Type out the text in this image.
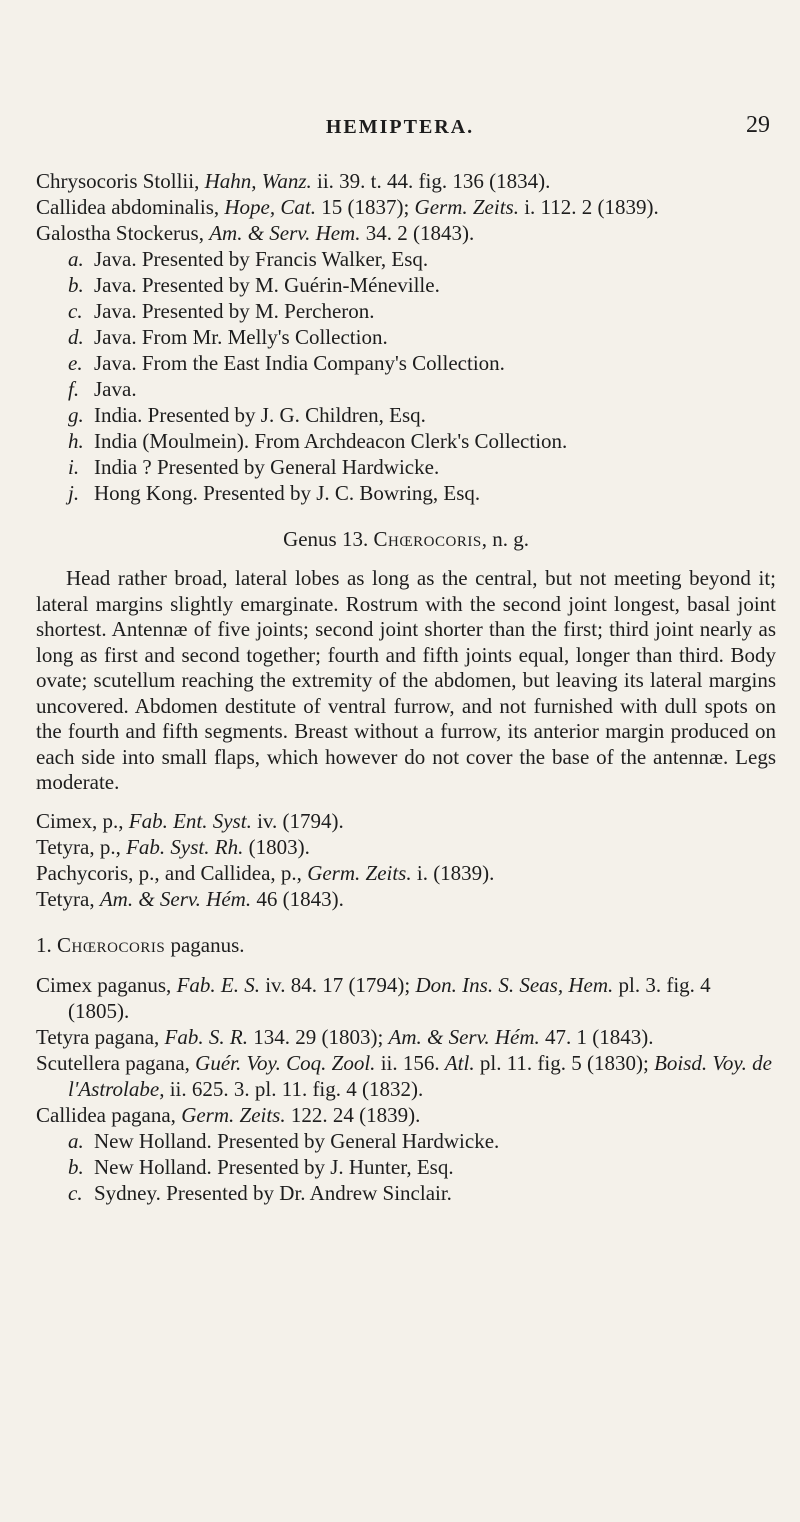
HEMIPTERA.	29

Chrysocoris Stollii, Hahn, Wanz. ii. 39. t. 44. fig. 136 (1834).

Callidea abdominalis, Hope, Cat. 15 (1837); Germ. Zeits. i. 112. 2 (1839).

Galostha Stockerus, Am. & Serv. Hem. 34. 2 (1843).

a. Java. Presented by Francis Walker, Esq.

b. Java. Presented by M. Guérin-Méneville.

c. Java. Presented by M. Percheron.

d. Java. From Mr. Melly's Collection.

e. Java. From the East India Company's Collection.

f. Java.

g. India. Presented by J. G. Children, Esq.

h. India (Moulmein). From Archdeacon Clerk's Collection.

i. India ? Presented by General Hardwicke.

j. Hong Kong. Presented by J. C. Bowring, Esq.

Genus 13. Chœrocoris, n. g.

Head rather broad, lateral lobes as long as the central, but not meeting beyond it; lateral margins slightly emarginate. Rostrum with the second joint longest, basal joint shortest. Antennæ of five joints; second joint shorter than the first; third joint nearly as long as first and second together; fourth and fifth joints equal, longer than third. Body ovate; scutellum reaching the extremity of the abdomen, but leaving its lateral margins uncovered. Abdomen destitute of ventral furrow, and not furnished with dull spots on the fourth and fifth segments. Breast without a furrow, its anterior margin produced on each side into small flaps, which however do not cover the base of the antennæ. Legs moderate.

Cimex, p., Fab. Ent. Syst. iv. (1794).

Tetyra, p., Fab. Syst. Rh. (1803).

Pachycoris, p., and Callidea, p., Germ. Zeits. i. (1839).

Tetyra, Am. & Serv. Hém. 46 (1843).

1. Chœrocoris paganus.

Cimex paganus, Fab. E. S. iv. 84. 17 (1794); Don. Ins. S. Seas, Hem. pl. 3. fig. 4 (1805).

Tetyra pagana, Fab. S. R. 134. 29 (1803); Am. & Serv. Hém. 47. 1 (1843).

Scutellera pagana, Guér. Voy. Coq. Zool. ii. 156. Atl. pl. 11. fig. 5 (1830); Boisd. Voy. de l'Astrolabe, ii. 625. 3. pl. 11. fig. 4 (1832).

Callidea pagana, Germ. Zeits. 122. 24 (1839).

a. New Holland. Presented by General Hardwicke.

b. New Holland. Presented by J. Hunter, Esq.

c. Sydney. Presented by Dr. Andrew Sinclair.
